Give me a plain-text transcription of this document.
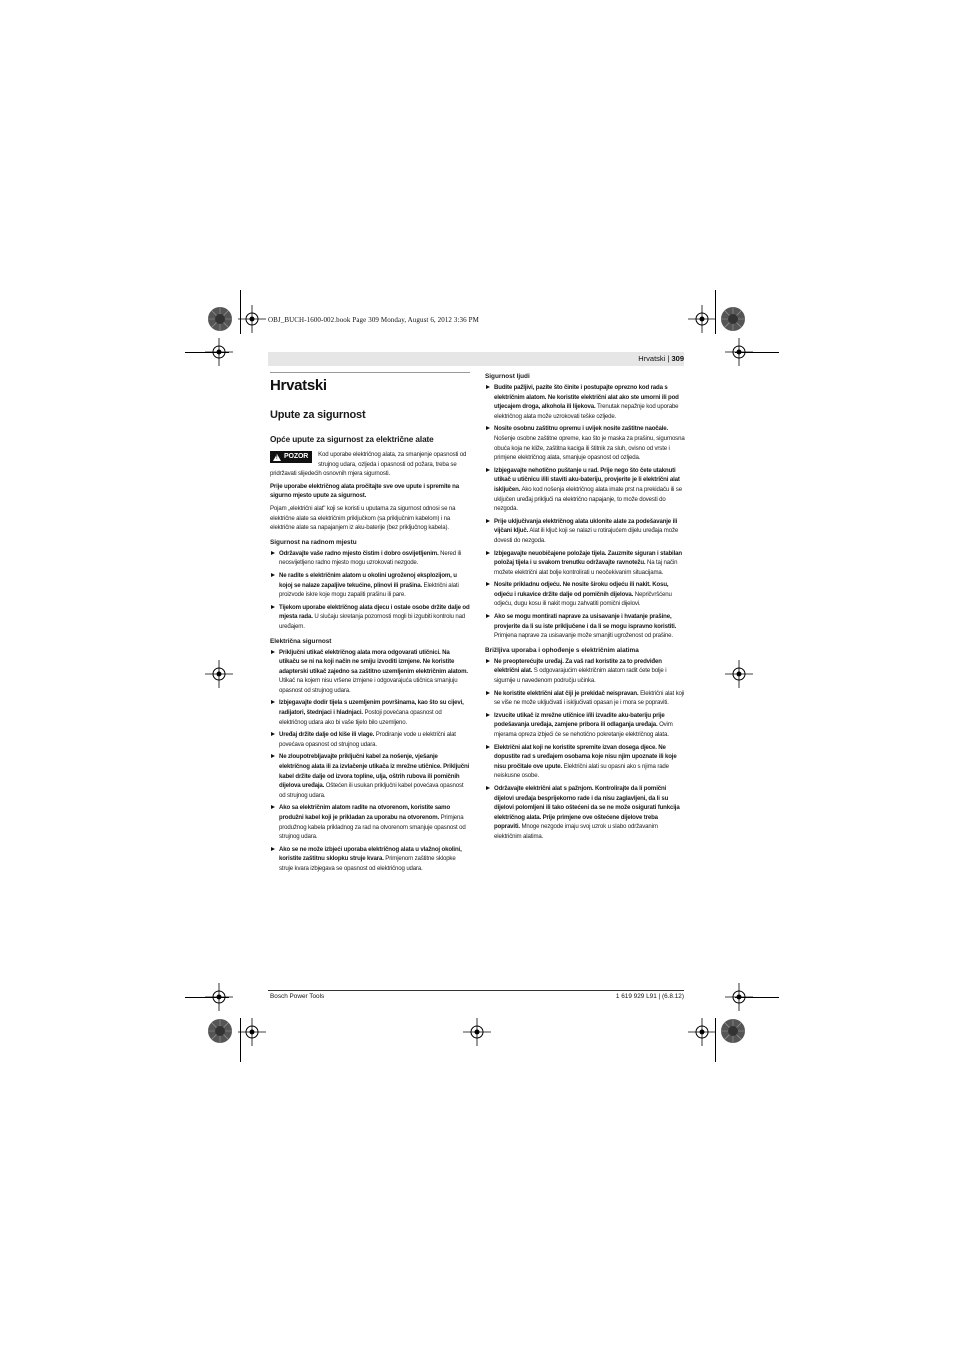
OBJ_BUCH-1600-002.book Page 309 Monday, August 6, 2012 3:36 PM
Hrvatski | 309
Hrvatski
Upute za sigurnost
Opće upute za sigurnost za električne alate
! POZOR Kod uporabe električnog alata, za smanjenje opasnosti od strujnog udara, ozljeda i opasnosti od požara, treba se pridržavati slijedećih osnovnih mjera sigurnosti.

Prije uporabe električnog alata pročitajte sve ove upute i spremite na sigurno mjesto upute za sigurnost.

Pojam „električni alat" koji se koristi u uputama za sigurnost odnosi se na električne alate sa električnim priključkom (sa priključnim kabelom) i na električne alate sa napajanjem iz aku-baterije (bez priključnog kabela).

Sigurnost na radnom mjestu
Održavajte vaše radno mjesto čistim i dobro osvijetljenim. Nered ili neosvijetljeno radno mjesto mogu uzrokovati nezgode.
Ne radite s električnim alatom u okolini ugroženoj eksplozijom, u kojoj se nalaze zapaljive tekućine, plinovi ili prašina. Električni alati proizvode iskre koje mogu zapaliti prašinu ili pare.
Tijekom uporabe električnog alata djecu i ostale osobe držite dalje od mjesta rada. U slučaju skretanja pozornosti mogli bi izgubiti kontrolu nad uređajem.
Električna sigurnost
Priključni utikač električnog alata mora odgovarati utičnici. Na utikaču se ni na koji način ne smiju izvoditi izmjene. Ne koristite adapterski utikač zajedno sa zaštitno uzemljenim električnim alatom. Utikač na kojem nisu vršene izmjene i odgovarajuća utičnica smanjuju opasnost od strujnog udara.
Izbjegavajte dodir tijela s uzemljenim površinama, kao što su cijevi, radijatori, štednjaci i hladnjaci. Postoji povećana opasnost od električnog udara ako bi vaše tijelo bilo uzemljeno.
Uređaj držite dalje od kiše ili vlage. Prodiranje vode u električni alat povećava opasnost od strujnog udara.
Ne zloupotrebljavajte priključni kabel za nošenje, vješanje električnog alata ili za izvlačenje utikača iz mrežne utičnice. Priključni kabel držite dalje od izvora topline, ulja, oštrih rubova ili pomičnih dijelova uređaja. Oštećen ili usukan priključni kabel povećava opasnost od strujnog udara.
Ako sa električnim alatom radite na otvorenom, koristite samo produžni kabel koji je prikladan za uporabu na otvorenom. Primjena produžnog kabela prikladnog za rad na otvorenom smanjuje opasnost od strujnog udara.
Ako se ne može izbjeći uporaba električnog alata u vlažnoj okolini, koristite zaštitnu sklopku struje kvara. Primjenom zaštitne sklopke struje kvara izbjegava se opasnost od električnog udara.
Sigurnost ljudi
Budite pažljivi, pazite što činite i postupajte oprezno kod rada s električnim alatom. Ne koristite električni alat ako ste umorni ili pod utjecajem droga, alkohola ili lijekova. Trenutak nepažnje kod uporabe električnog alata može uzrokovati teške ozljede.
Nosite osobnu zaštitnu opremu i uvijek nosite zaštitne naočale. Nošenje osobne zaštitne opreme, kao što je maska za prašinu, sigurnosna obuća koja ne kliže, zaštitna kaciga ili štitnik za sluh, ovisno od vrste i primjene električnog alata, smanjuje opasnost od ozljeda.
Izbjegavajte nehotično puštanje u rad. Prije nego što čete utaknuti utikač u utičnicu i/ili staviti aku-bateriju, provjerite je li električni alat isključen. Ako kod nošenja električnog alata imate prst na prekidaču ili se uključen uređaj priključi na električno napajanje, to može dovesti do nezgoda.
Prije uključivanja električnog alata uklonite alate za podešavanje ili vijčani ključ. Alat ili ključ koji se nalazi u rotirajućem dijelu uređaja može dovesti do nezgoda.
Izbjegavajte neuobičajene položaje tijela. Zauzmite siguran i stabilan položaj tijela i u svakom trenutku održavajte ravnotežu. Na taj način možete električni alat bolje kontrolirati u neočekivanim situacijama.
Nosite prikladnu odjeću. Ne nosite široku odjeću ili nakit. Kosu, odjeću i rukavice držite dalje od pomičnih dijelova. Nepričvršćenu odjeću, dugu kosu ili nakit mogu zahvatiti pomični dijelovi.
Ako se mogu montirati naprave za usisavanje i hvatanje prašine, provjerite da li su iste priključene i da li se mogu ispravno koristiti. Primjena naprave za usisavanje može smanjiti ugroženost od prašine.
Brižljiva uporaba i ophođenje s električnim alatima
Ne preopterećujte uređaj. Za vaš rad koristite za to predviđen električni alat. S odgovarajućim električnim alatom radit ćete bolje i sigurnije u navedenom području učinka.
Ne koristite električni alat čiji je prekidač neispravan. Električni alat koji se više ne može uključivati i isključivati opasan je i mora se popraviti.
Izvucite utikač iz mrežne utičnice i/ili izvadite aku-bateriju prije podešavanja uređaja, zamjene pribora ili odlaganja uređaja. Ovim mjerama opreza izbjeći će se nehotično pokretanje električnog alata.
Električni alat koji ne koristite spremite izvan dosega djece. Ne dopustite rad s uređajem osobama koje nisu njim upoznate ili koje nisu pročitale ove upute. Električni alati su opasni ako s njima rade neiskusne osobe.
Održavajte električni alat s pažnjom. Kontrolirajte da li pomični dijelovi uređaja besprijekorno rade i da nisu zaglavljeni, da li su dijelovi polomljeni ili tako oštećeni da se ne može osigurati funkcija električnog alata. Prije primjene ove oštećene dijelove treba popraviti. Mnoge nezgode imaju svoj uzrok u slabo održavanim električnim alatima.
Bosch Power Tools	1 619 929 L91 | (6.8.12)
